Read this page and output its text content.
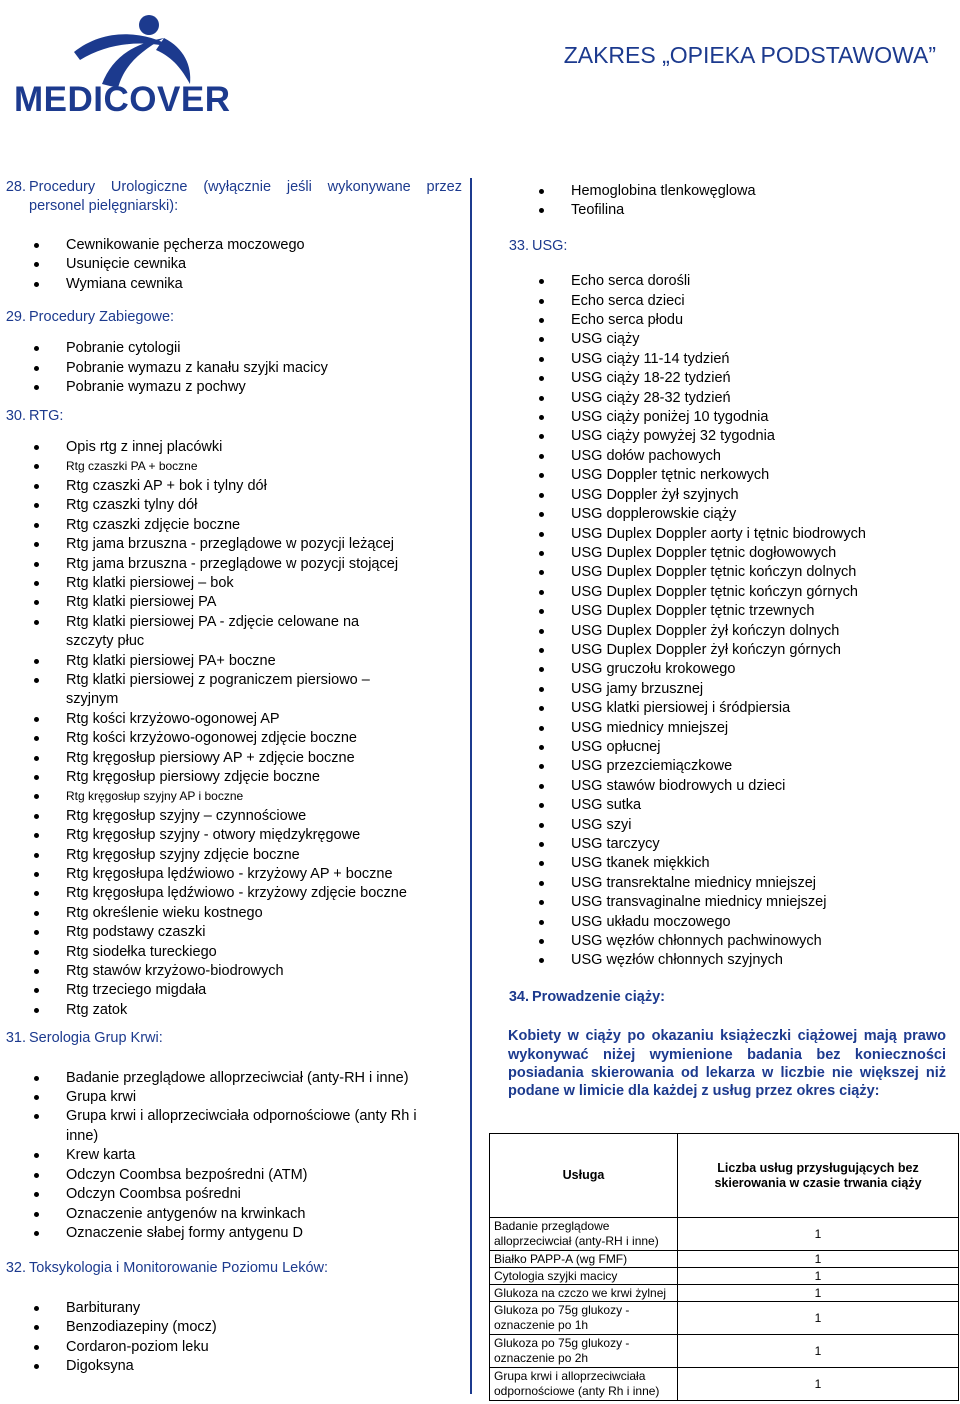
MEDICOVER
ZAKRES „OPIEKA PODSTAWOWA”
28. Procedury Urologiczne (wyłącznie jeśli wykonywane przez personel pielęgniarski):
Cewnikowanie pęcherza moczowego
Usunięcie cewnika
Wymiana cewnika
29. Procedury Zabiegowe:
Pobranie cytologii
Pobranie wymazu z kanału szyjki macicy
Pobranie wymazu z pochwy
30. RTG:
Opis rtg z innej placówki
Rtg czaszki PA + boczne
Rtg czaszki AP + bok i tylny dół
Rtg czaszki tylny dół
Rtg czaszki zdjęcie boczne
Rtg jama brzuszna - przeglądowe w pozycji leżącej
Rtg jama brzuszna - przeglądowe w pozycji stojącej
Rtg klatki piersiowej – bok
Rtg klatki piersiowej PA
Rtg klatki piersiowej PA - zdjęcie celowane na szczyty płuc
Rtg klatki piersiowej PA+ boczne
Rtg klatki piersiowej z pograniczem piersiowo – szyjnym
Rtg kości krzyżowo-ogonowej AP
Rtg kości krzyżowo-ogonowej zdjęcie boczne
Rtg kręgosłup piersiowy AP + zdjęcie boczne
Rtg kręgosłup piersiowy zdjęcie boczne
Rtg kręgosłup szyjny AP i boczne
Rtg kręgosłup szyjny – czynnościowe
Rtg kręgosłup szyjny - otwory międzykręgowe
Rtg kręgosłup szyjny zdjęcie boczne
Rtg kręgosłupa lędźwiowo - krzyżowy AP + boczne
Rtg kręgosłupa lędźwiowo - krzyżowy zdjęcie boczne
Rtg określenie wieku kostnego
Rtg podstawy czaszki
Rtg siodełka tureckiego
Rtg stawów krzyżowo-biodrowych
Rtg trzeciego migdała
Rtg zatok
31. Serologia Grup Krwi:
Badanie przeglądowe alloprzeciwciał (anty-RH i inne)
Grupa krwi
Grupa krwi i alloprzeciwciała odpornościowe (anty Rh i inne)
Krew karta
Odczyn Coombsa bezpośredni (ATM)
Odczyn Coombsa pośredni
Oznaczenie antygenów na krwinkach
Oznaczenie słabej formy antygenu D
32. Toksykologia i Monitorowanie Poziomu Leków:
Barbiturany
Benzodiazepiny (mocz)
Cordaron-poziom leku
Digoksyna
Hemoglobina tlenkowęglowa
Teofilina
33. USG:
Echo serca dorośli
Echo serca dzieci
Echo serca płodu
USG ciąży
USG ciąży 11-14 tydzień
USG ciąży 18-22 tydzień
USG ciąży 28-32 tydzień
USG ciąży poniżej 10 tygodnia
USG ciąży powyżej 32 tygodnia
USG dołów pachowych
USG Doppler tętnic nerkowych
USG Doppler żył szyjnych
USG dopplerowskie ciąży
USG Duplex Doppler aorty i tętnic biodrowych
USG Duplex Doppler tętnic dogłowowych
USG Duplex Doppler tętnic kończyn dolnych
USG Duplex Doppler tętnic kończyn górnych
USG Duplex Doppler tętnic trzewnych
USG Duplex Doppler żył kończyn dolnych
USG Duplex Doppler żył kończyn górnych
USG gruczołu krokowego
USG jamy brzusznej
USG klatki piersiowej i śródpiersia
USG miednicy mniejszej
USG opłucnej
USG przezciemiączkowe
USG stawów biodrowych u dzieci
USG sutka
USG szyi
USG tarczycy
USG tkanek miękkich
USG transrektalne miednicy mniejszej
USG transvaginalne miednicy mniejszej
USG układu moczowego
USG węzłów chłonnych pachwinowych
USG węzłów chłonnych szyjnych
34. Prowadzenie ciąży:
Kobiety w ciąży po okazaniu książeczki ciążowej mają prawo wykonywać niżej wymienione badania bez konieczności posiadania skierowania od lekarza w liczbie nie większej niż podane w limicie dla każdej z usług przez okres ciąży:
Usługa	Liczba usług przysługujących bez skierowania w czasie trwania ciąży
Badanie przeglądowe alloprzeciwciał (anty-RH i inne)	1
Białko PAPP-A (wg FMF)	1
Cytologia szyjki macicy	1
Glukoza na czczo we krwi żylnej	1
Glukoza po 75g glukozy - oznaczenie po 1h	1
Glukoza po 75g glukozy - oznaczenie po 2h	1
Grupa krwi i alloprzeciwciała odpornościowe (anty Rh i inne)	1
